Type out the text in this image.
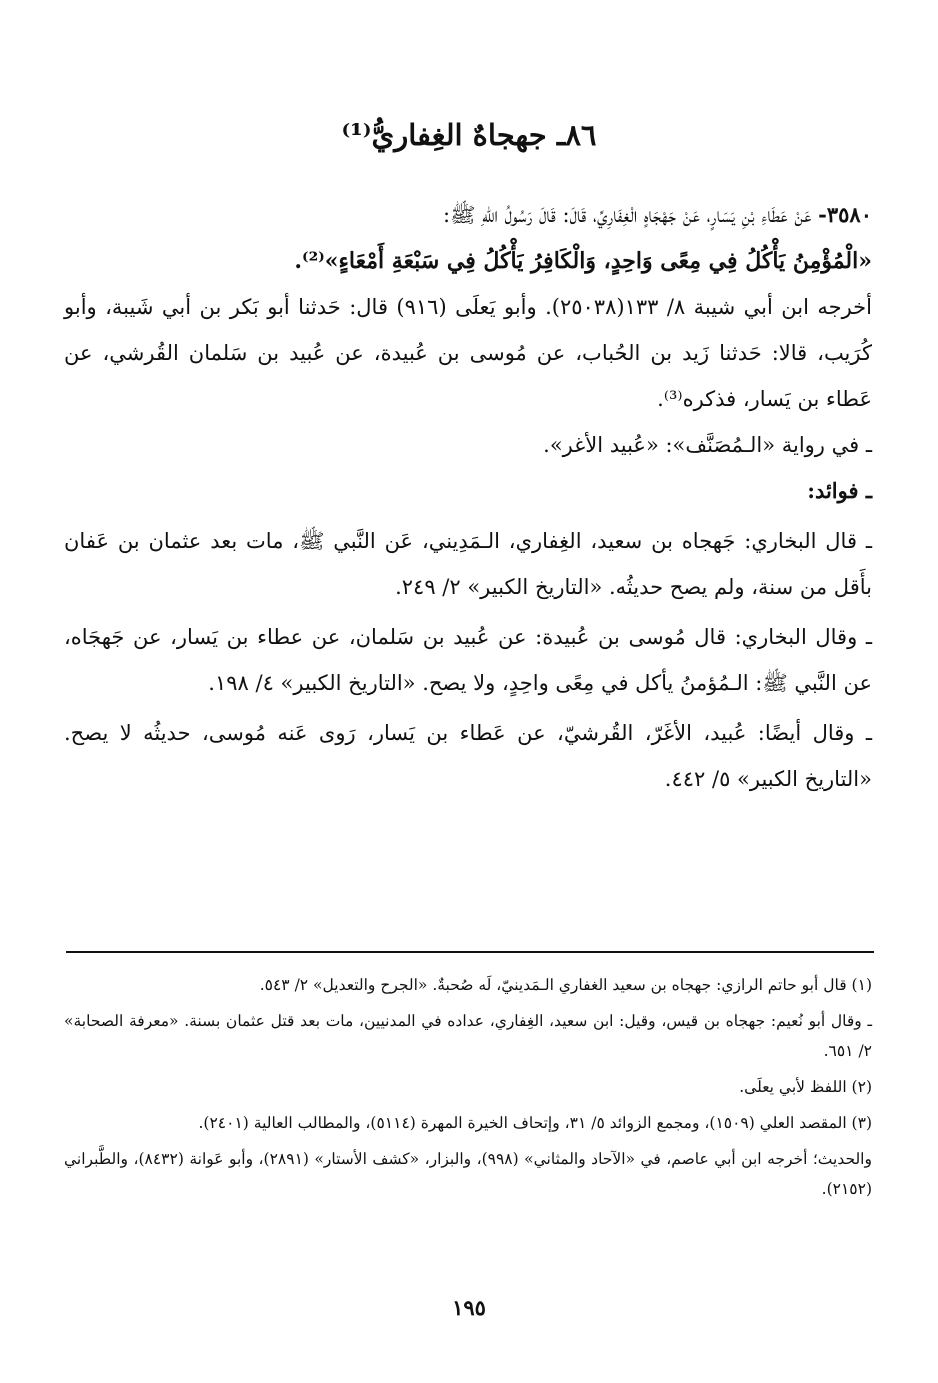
٨٦ـ جهجاهٌ الغِفاريُّ⁽¹⁾

٣٥٨٠- عَنْ عَطَاءِ بْنِ يَسَارٍ، عَنْ جَهْجَاهٍ الْغِفَارِيِّ، قَالَ: قَالَ رَسُولُ اللهِ ﷺ:

«الْمُؤْمِنُ يَأْكُلُ فِي مِعًى وَاحِدٍ، وَالْكَافِرُ يَأْكُلُ فِي سَبْعَةِ أَمْعَاءٍ»⁽²⁾.

أخرجه ابن أبي شيبة ٨/ ١٣٣(٢٥٠٣٨). وأبو يَعلَى (٩١٦) قال: حَدثنا أبو بَكر بن أبي شَيبة، وأبو كُرَيب، قالا: حَدثنا زَيد بن الحُباب، عن مُوسى بن عُبيدة، عن عُبيد بن سَلمان القُرشي، عن عَطاء بن يَسار، فذكره⁽³⁾.

ـ في رواية «الـمُصَنَّف»: «عُبيد الأغر».

ـ فوائد:

ـ قال البخاري: جَهجاه بن سعيد، الغِفاري، الـمَدِيني، عَن النَّبي ﷺ، مات بعد عثمان بن عَفان بأَقل من سنة، ولم يصح حديثُه. «التاريخ الكبير» ٢/ ٢٤٩.

ـ وقال البخاري: قال مُوسى بن عُبيدة: عن عُبيد بن سَلمان، عن عطاء بن يَسار، عن جَهجَاه، عن النَّبي ﷺ: الـمُؤمنُ يأكل في مِعًى واحِدٍ، ولا يصح. «التاريخ الكبير» ٤/ ١٩٨.

ـ وقال أيضًا: عُبيد، الأغَرّ، القُرشيّ، عن عَطاء بن يَسار، رَوى عَنه مُوسى، حديثُه لا يصح. «التاريخ الكبير» ٥/ ٤٤٢.

(١) قال أبو حاتم الرازي: جهجاه بن سعيد الغفاري الـمَدينيّ، لَه صُحبةٌ. «الجرح والتعديل» ٢/ ٥٤٣.

ـ وقال أبو نُعيم: جهجاه بن قيس، وقيل: ابن سعيد، الغِفاري، عداده في المدنيين، مات بعد قتل عثمان بسنة. «معرفة الصحابة» ٢/ ٦٥١.

(٢) اللفظ لأبي يعلَى.

(٣) المقصد العلي (١٥٠٩)، ومجمع الزوائد ٥/ ٣١، وإتحاف الخيرة المهرة (٥١١٤)، والمطالب العالية (٢٤٠١).

والحديث؛ أخرجه ابن أبي عاصم، في «الآحاد والمثاني» (٩٩٨)، والبزار، «كشف الأستار» (٢٨٩١)، وأبو عَوانة (٨٤٣٢)، والطَّبراني (٢١٥٢).

١٩٥
